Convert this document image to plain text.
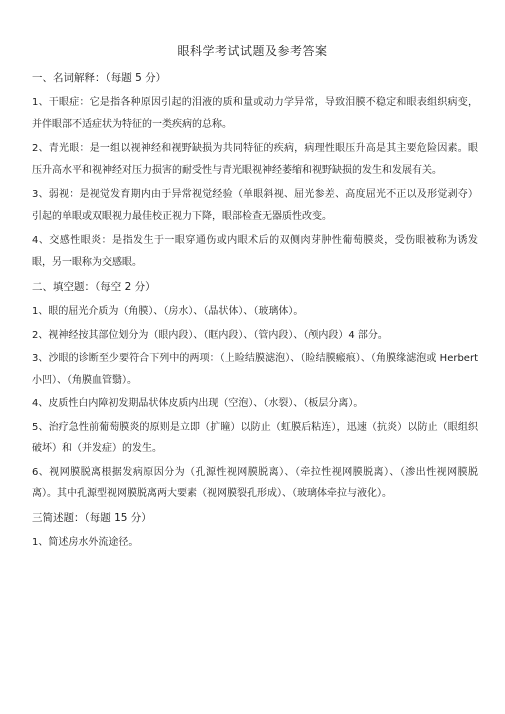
眼科学考试试题及参考答案
一、名词解释：（每题 5 分）
1、干眼症：它是指各种原因引起的泪液的质和量或动力学异常，导致泪膜不稳定和眼表组织病变，并伴眼部不适症状为特征的一类疾病的总称。
2、青光眼：是一组以视神经和视野缺损为共同特征的疾病，病理性眼压升高是其主要危险因素。眼压升高水平和视神经对压力损害的耐受性与青光眼视神经萎缩和视野缺损的发生和发展有关。
3、弱视：是视觉发育期内由于异常视觉经验（单眼斜视、屈光参差、高度屈光不正以及形觉剥夺）引起的单眼或双眼视力最佳校正视力下降，眼部检查无器质性改变。
4、交感性眼炎：是指发生于一眼穿通伤或内眼术后的双侧肉芽肿性葡萄膜炎，受伤眼被称为诱发眼，另一眼称为交感眼。
二、填空题：（每空 2 分）
1、眼的屈光介质为（角膜）、（房水）、（晶状体）、（玻璃体）。
2、视神经按其部位划分为（眼内段）、（眶内段）、（管内段）、（颅内段）4 部分。
3、沙眼的诊断至少要符合下列中的两项：（上睑结膜滤泡）、（睑结膜瘢痕）、（角膜缘滤泡或 Herbert 小凹）、（角膜血管翳）。
4、皮质性白内障初发期晶状体皮质内出现（空泡）、（水裂）、（板层分离）。
5、治疗急性前葡萄膜炎的原则是立即（扩瞳）以防止（虹膜后粘连），迅速（抗炎）以防止（眼组织破坏）和（并发症）的发生。
6、视网膜脱离根据发病原因分为（孔源性视网膜脱离）、（牵拉性视网膜脱离）、（渗出性视网膜脱离）。其中孔源型视网膜脱离两大要素（视网膜裂孔形成）、（玻璃体牵拉与液化）。
三简述题：（每题 15 分）
1、简述房水外流途径。
